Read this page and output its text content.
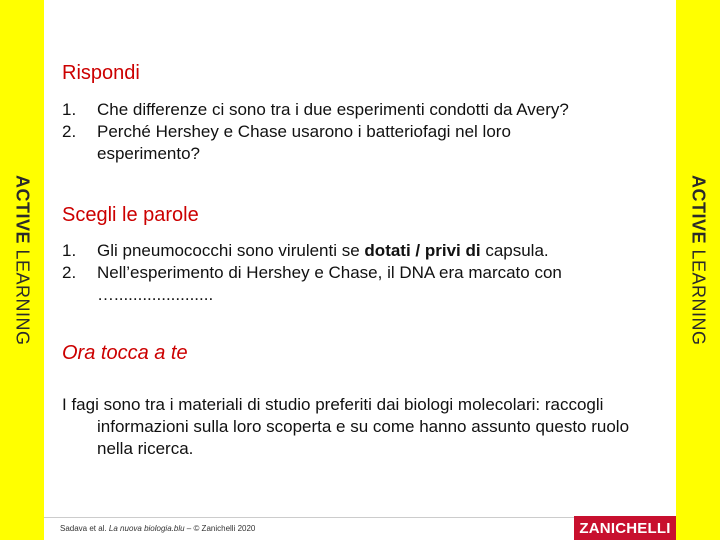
ACTIVE LEARNING
Rispondi
1.	Che differenze ci sono tra i due esperimenti condotti da Avery?
2.	Perché Hershey e Chase usarono i batteriofagi nel loro esperimento?
Scegli le parole
1.	Gli pneumococchi sono virulenti se dotati / privi di capsula.
2.	Nell’esperimento di Hershey e Chase, il DNA era marcato con ….....................
Ora tocca a te
I fagi sono tra i materiali di studio preferiti dai biologi molecolari: raccogli informazioni sulla loro scoperta e su come hanno assunto questo ruolo nella ricerca.
Sadava et al. La nuova biologia.blu – © Zanichelli 2020	ZANICHELLI
ACTIVE LEARNING
